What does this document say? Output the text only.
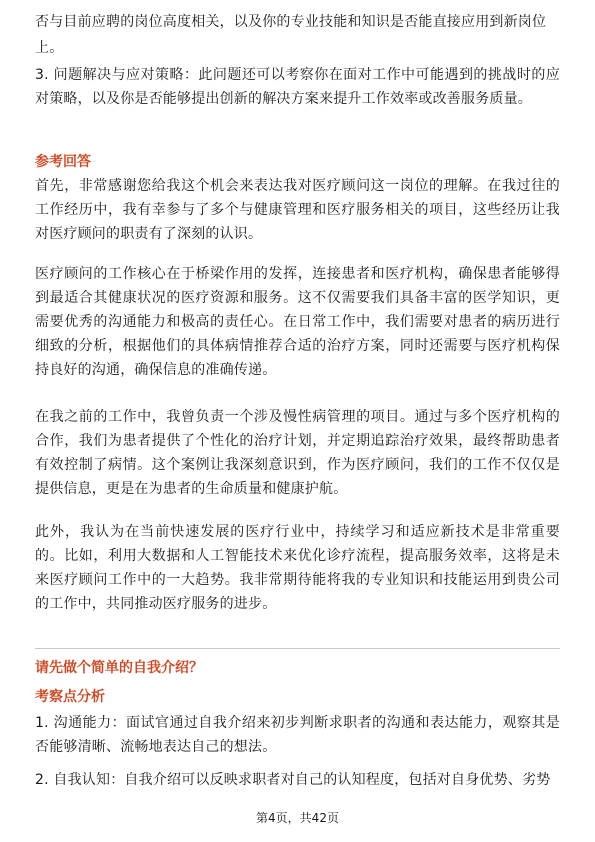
否与目前应聘的岗位高度相关，以及你的专业技能和知识是否能直接应用到新岗位

上。

3. 问题解决与应对策略：此问题还可以考察你在面对工作中可能遇到的挑战时的应对策略，以及你是否能够提出创新的解决方案来提升工作效率或改善服务质量。

参考回答

首先，非常感谢您给我这个机会来表达我对医疗顾问这一岗位的理解。在我过往的工作经历中，我有幸参与了多个与健康管理和医疗服务相关的项目，这些经历让我对医疗顾问的职责有了深刻的认识。

医疗顾问的工作核心在于桥梁作用的发挥，连接患者和医疗机构，确保患者能够得到最适合其健康状况的医疗资源和服务。这不仅需要我们具备丰富的医学知识，更需要优秀的沟通能力和极高的责任心。在日常工作中，我们需要对患者的病历进行细致的分析，根据他们的具体病情推荐合适的治疗方案，同时还需要与医疗机构保持良好的沟通，确保信息的准确传递。

在我之前的工作中，我曾负责一个涉及慢性病管理的项目。通过与多个医疗机构的合作，我们为患者提供了个性化的治疗计划，并定期追踪治疗效果，最终帮助患者有效控制了病情。这个案例让我深刻意识到，作为医疗顾问，我们的工作不仅仅是提供信息，更是在为患者的生命质量和健康护航。

此外，我认为在当前快速发展的医疗行业中，持续学习和适应新技术是非常重要的。比如，利用大数据和人工智能技术来优化诊疗流程，提高服务效率，这将是未来医疗顾问工作中的一大趋势。我非常期待能将我的专业知识和技能运用到贵公司的工作中，共同推动医疗服务的进步。

请先做个简单的自我介绍？

考察点分析

1. 沟通能力：面试官通过自我介绍来初步判断求职者的沟通和表达能力，观察其是否能够清晰、流畅地表达自己的想法。

2. 自我认知：自我介绍可以反映求职者对自己的认知程度，包括对自身优势、劣势

第4页，共42页
